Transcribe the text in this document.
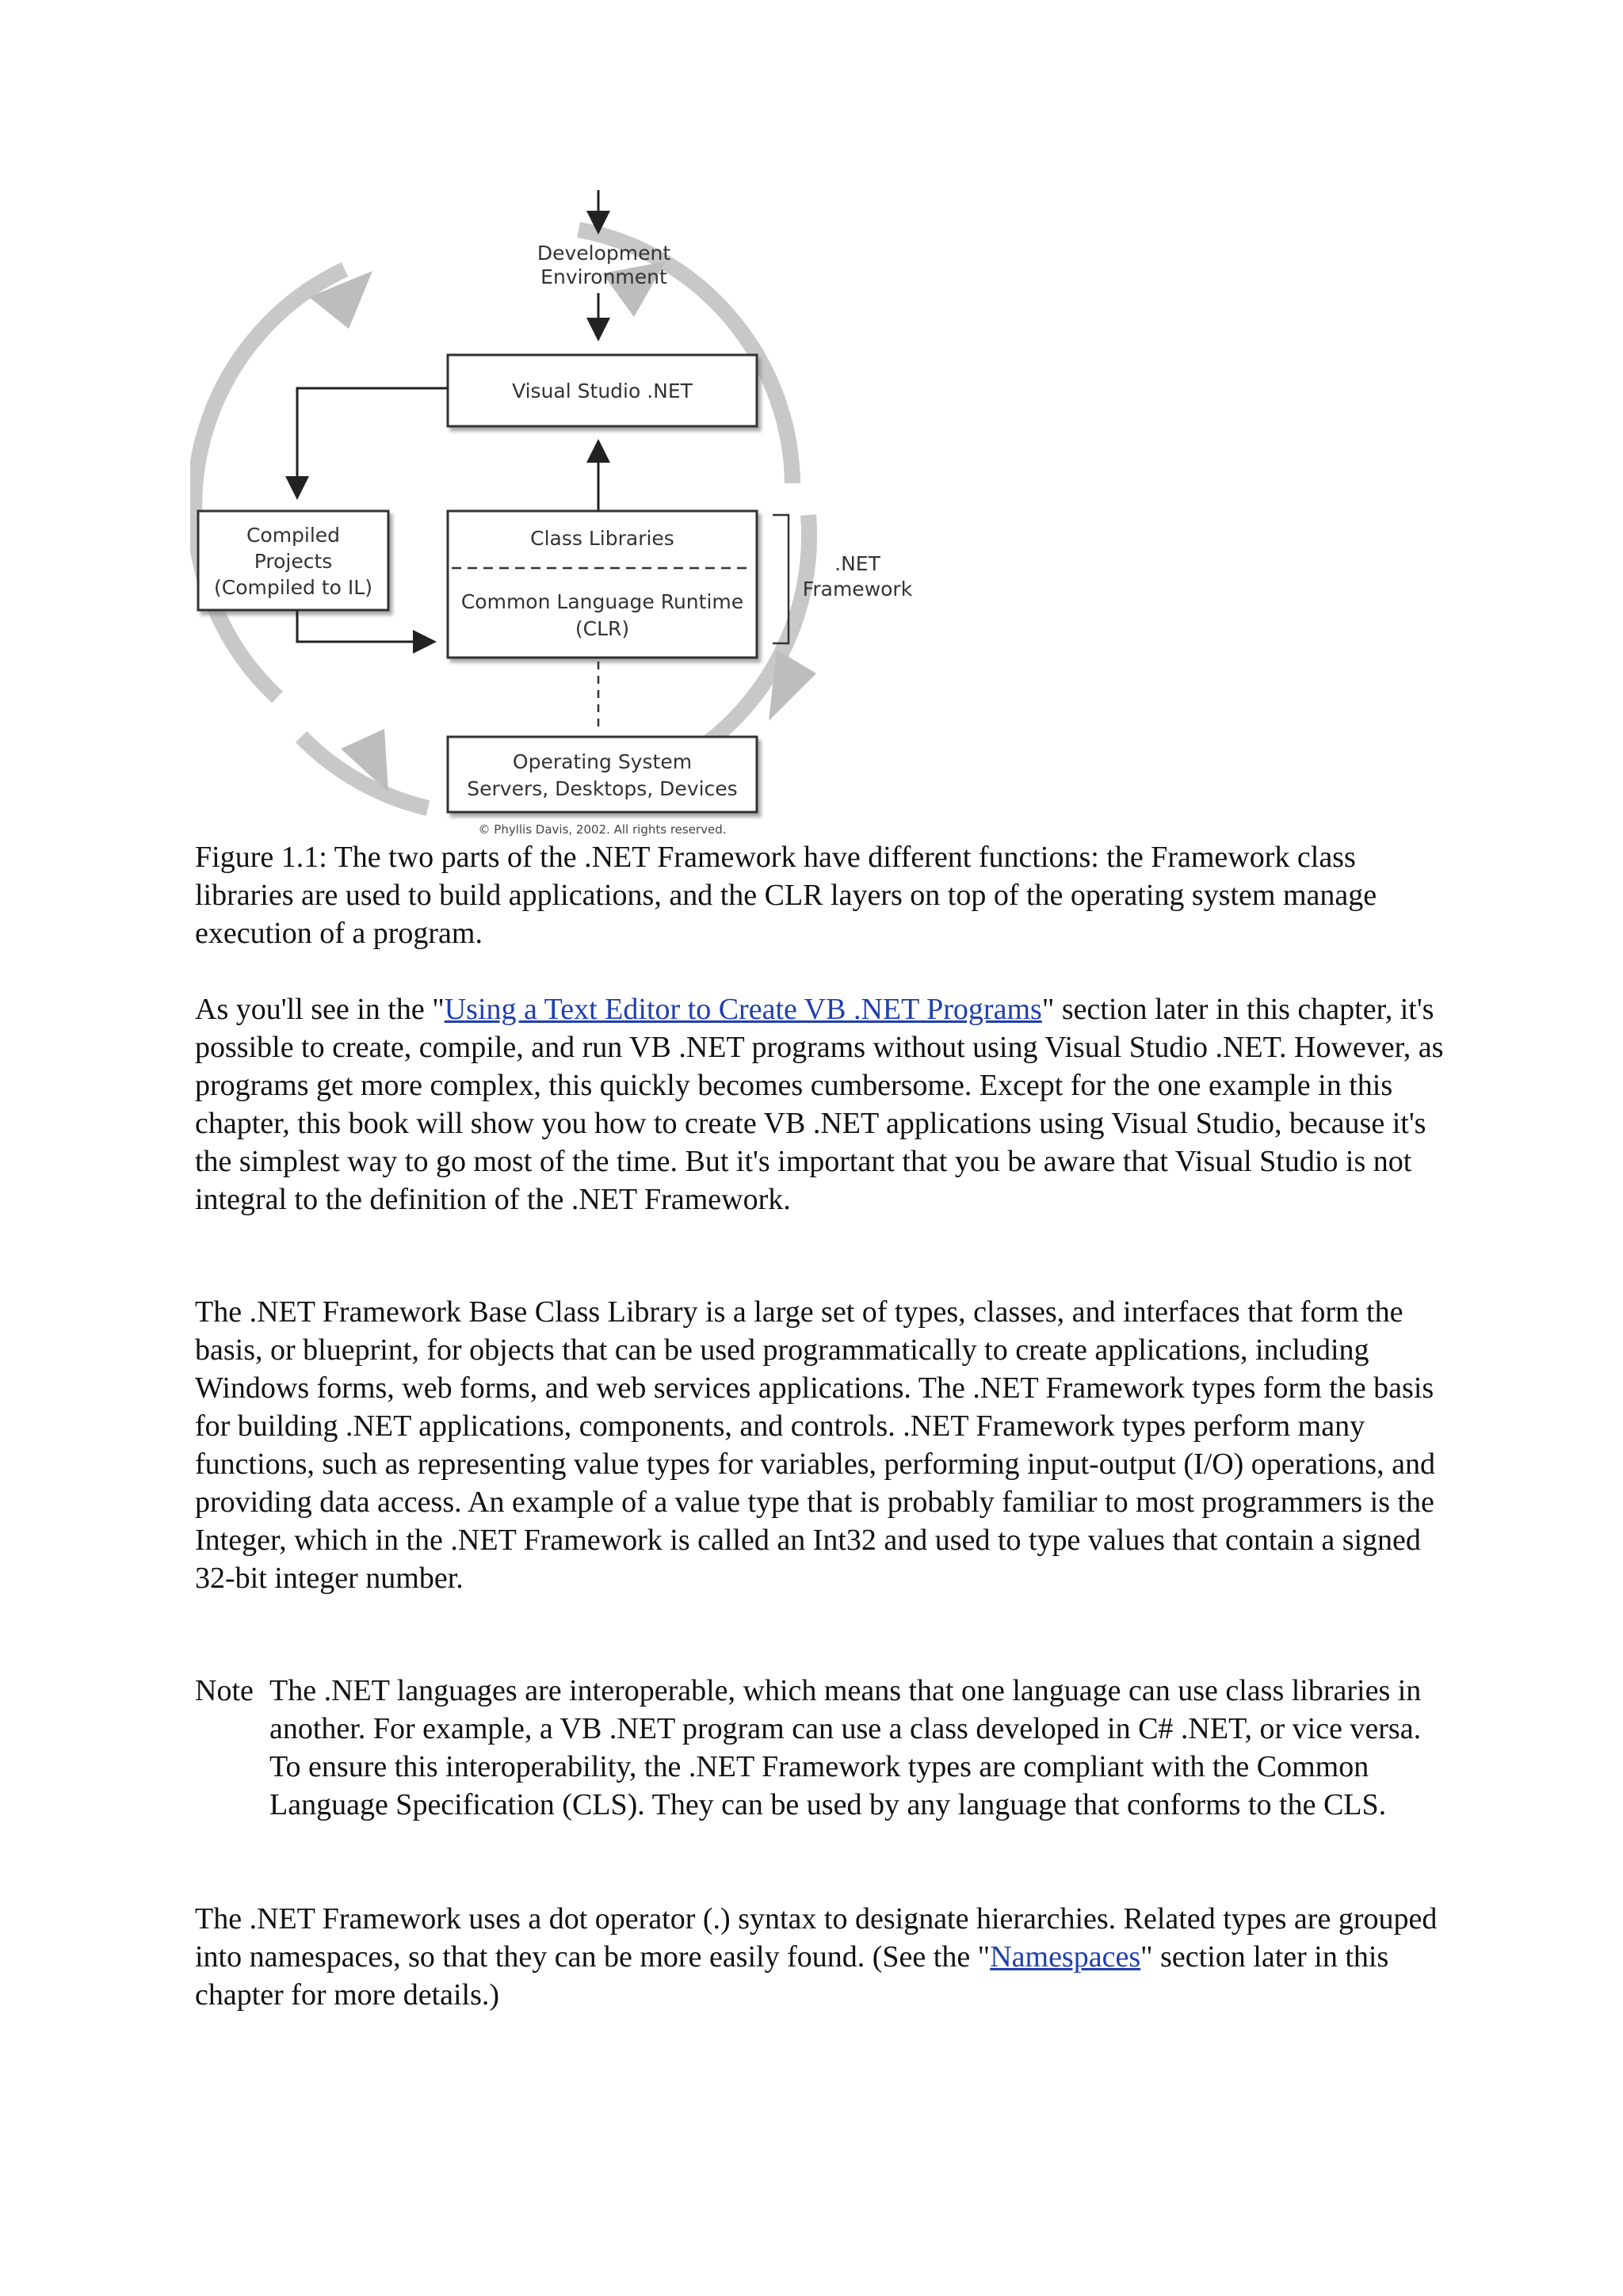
Development
Environment
Visual Studio .NET
Compiled
Projects
(Compiled to IL)
Class Libraries
Common Language Runtime
(CLR)
.NET
Framework
Operating System
Servers, Desktops, Devices
© Phyllis Davis, 2002. All rights reserved.

Figure 1.1: The two parts of the .NET Framework have different functions: the Framework class libraries are used to build applications, and the CLR layers on top of the operating system manage execution of a program.

As you'll see in the "Using a Text Editor to Create VB .NET Programs" section later in this chapter, it's possible to create, compile, and run VB .NET programs without using Visual Studio .NET. However, as programs get more complex, this quickly becomes cumbersome. Except for the one example in this chapter, this book will show you how to create VB .NET applications using Visual Studio, because it's the simplest way to go most of the time. But it's important that you be aware that Visual Studio is not integral to the definition of the .NET Framework.

The .NET Framework Base Class Library is a large set of types, classes, and interfaces that form the basis, or blueprint, for objects that can be used programmatically to create applications, including Windows forms, web forms, and web services applications. The .NET Framework types form the basis for building .NET applications, components, and controls. .NET Framework types perform many functions, such as representing value types for variables, performing input-output (I/O) operations, and providing data access. An example of a value type that is probably familiar to most programmers is the Integer, which in the .NET Framework is called an Int32 and used to type values that contain a signed 32-bit integer number.

Note The .NET languages are interoperable, which means that one language can use class libraries in another. For example, a VB .NET program can use a class developed in C# .NET, or vice versa. To ensure this interoperability, the .NET Framework types are compliant with the Common Language Specification (CLS). They can be used by any language that conforms to the CLS.

The .NET Framework uses a dot operator (.) syntax to designate hierarchies. Related types are grouped into namespaces, so that they can be more easily found. (See the "Namespaces" section later in this chapter for more details.)
